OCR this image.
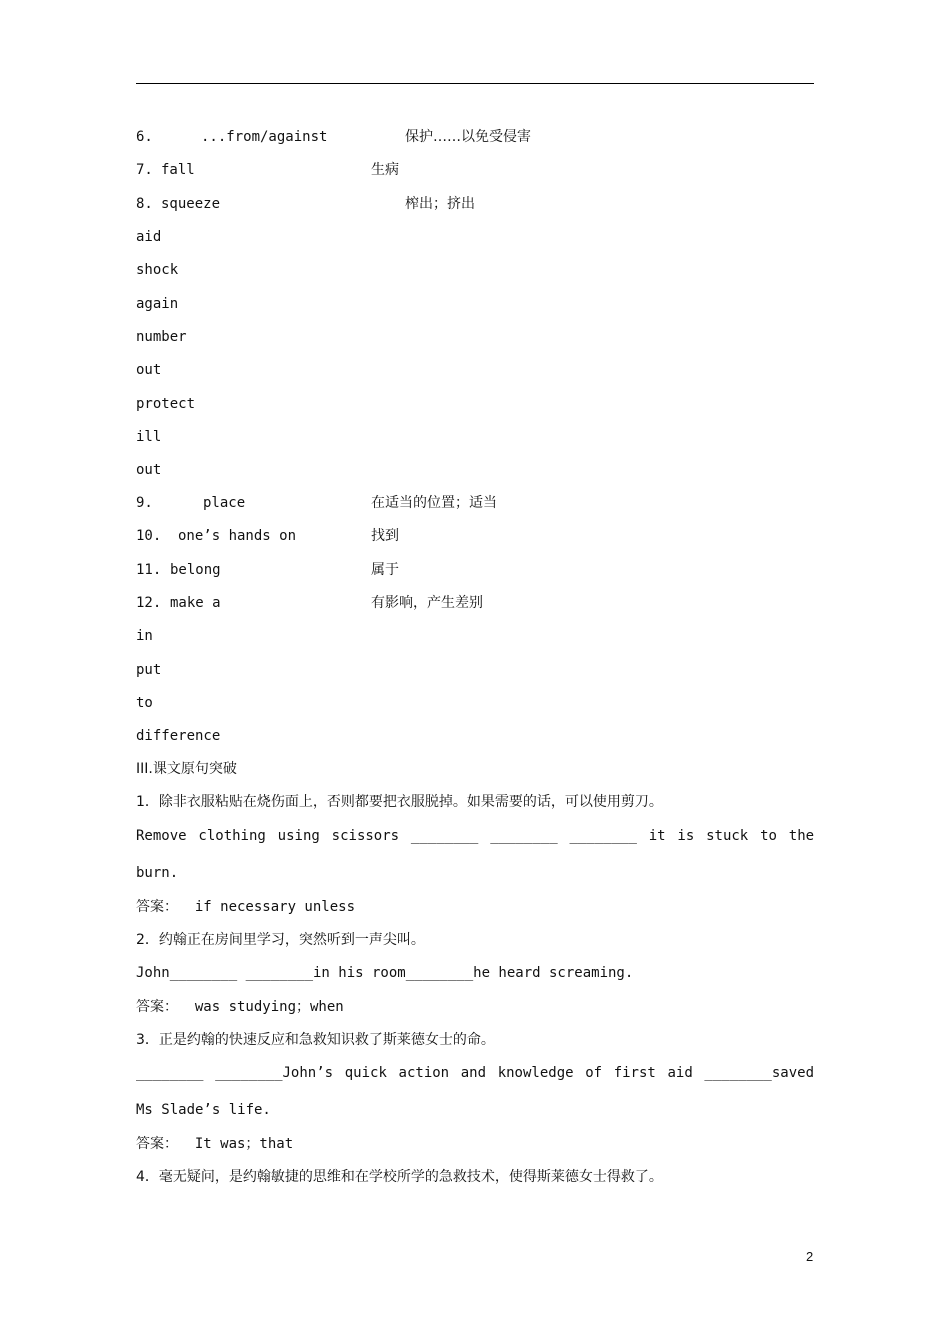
6.	...from/against	保护……以免受侵害
7. fall	生病
8. squeeze	榨出；挤出
aid
shock
again
number
out
protect
ill
out
9.	place	在适当的位置；适当
10. one’s hands on	找到
11. belong	属于
12. make a	有影响，产生差别
in
put
to
difference
III.课文原句突破
1．除非衣服粘贴在烧伤面上，否则都要把衣服脱掉。如果需要的话，可以使用剪刀。
Remove clothing using scissors ________ ________ ________ it is stuck to the
burn.
答案：  if necessary unless
2．约翰正在房间里学习，突然听到一声尖叫。
John________ ________in his room________he heard screaming.
答案：  was studying；when
3．正是约翰的快速反应和急救知识救了斯莱德女士的命。
________ ________John’s quick action and knowledge of first aid ________saved
Ms Slade’s life.
答案：  It was；that
4．毫无疑问，是约翰敏捷的思维和在学校所学的急救技术，使得斯莱德女士得救了。
2
